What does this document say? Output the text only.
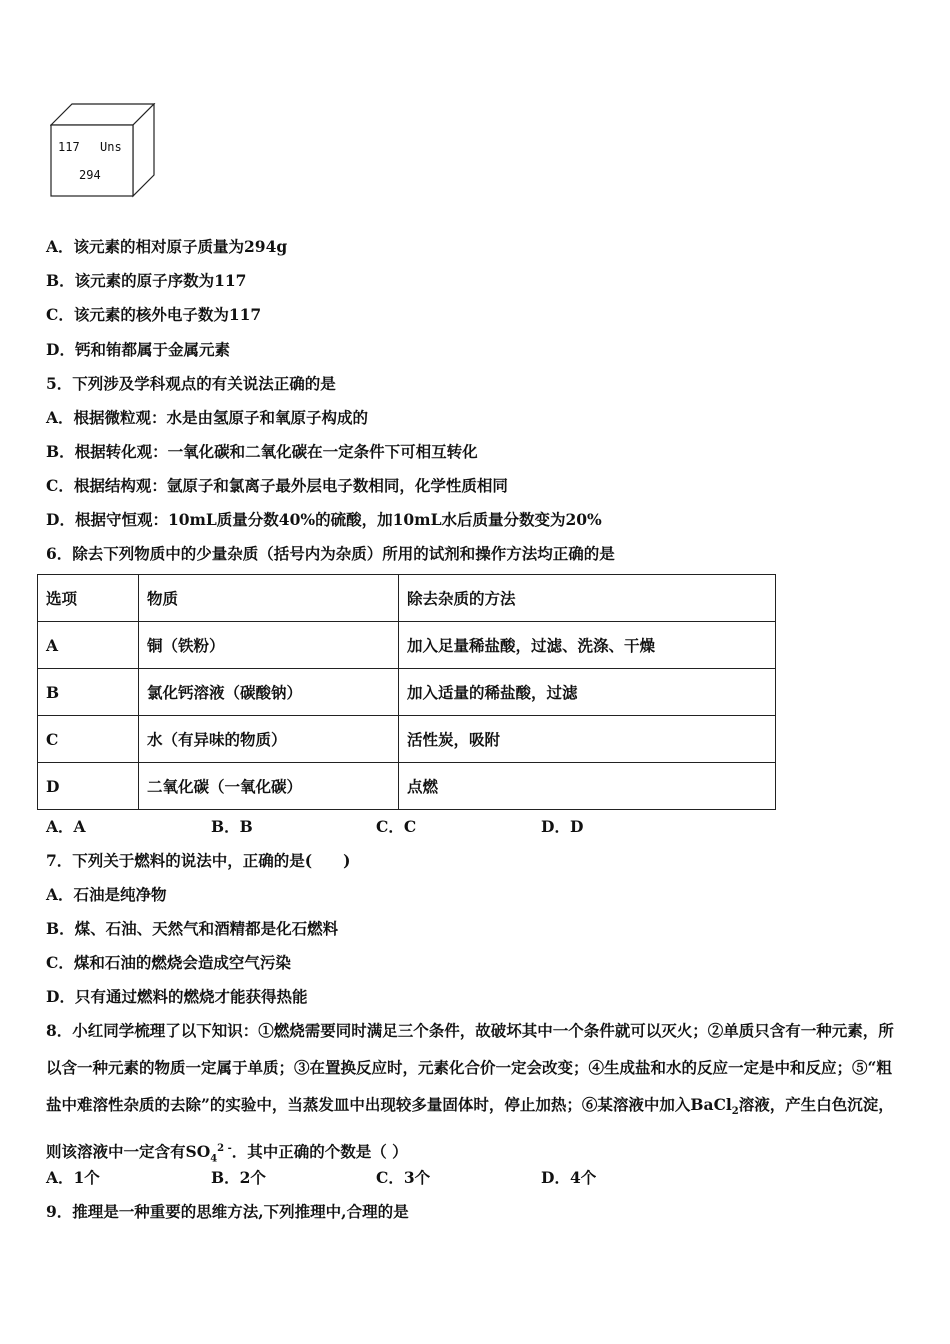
117 Uns
294
A．该元素的相对原子质量为294g
B．该元素的原子序数为117
C．该元素的核外电子数为117
D．钙和铕都属于金属元素
5．下列涉及学科观点的有关说法正确的是
A．根据微粒观：水是由氢原子和氧原子构成的
B．根据转化观：一氧化碳和二氧化碳在一定条件下可相互转化
C．根据结构观：氩原子和氯离子最外层电子数相同，化学性质相同
D．根据守恒观：10mL质量分数40%的硫酸，加10mL水后质量分数变为20%
6．除去下列物质中的少量杂质（括号内为杂质）所用的试剂和操作方法均正确的是
选项	物质	除去杂质的方法
A	铜（铁粉）	加入足量稀盐酸，过滤、洗涤、干燥
B	氯化钙溶液（碳酸钠）	加入适量的稀盐酸，过滤
C	水（有异味的物质）	活性炭，吸附
D	二氧化碳（一氧化碳）	点燃
A．A	B．B	C．C	D．D
7．下列关于燃料的说法中，正确的是(　　)
A．石油是纯净物
B．煤、石油、天然气和酒精都是化石燃料
C．煤和石油的燃烧会造成空气污染
D．只有通过燃料的燃烧才能获得热能
8．小红同学梳理了以下知识：①燃烧需要同时满足三个条件，故破坏其中一个条件就可以灭火；②单质只含有一种元素，所以含一种元素的物质一定属于单质；③在置换反应时，元素化合价一定会改变；④生成盐和水的反应一定是中和反应；⑤“粗盐中难溶性杂质的去除”的实验中，当蒸发皿中出现较多量固体时，停止加热；⑥某溶液中加入BaCl$_2$溶液，产生白色沉淀，则该溶液中一定含有$SO_4^{2 -}$．其中正确的个数是（ ）
A．1个	B．2个	C．3个	D．4个
9．推理是一种重要的思维方法,下列推理中,合理的是
